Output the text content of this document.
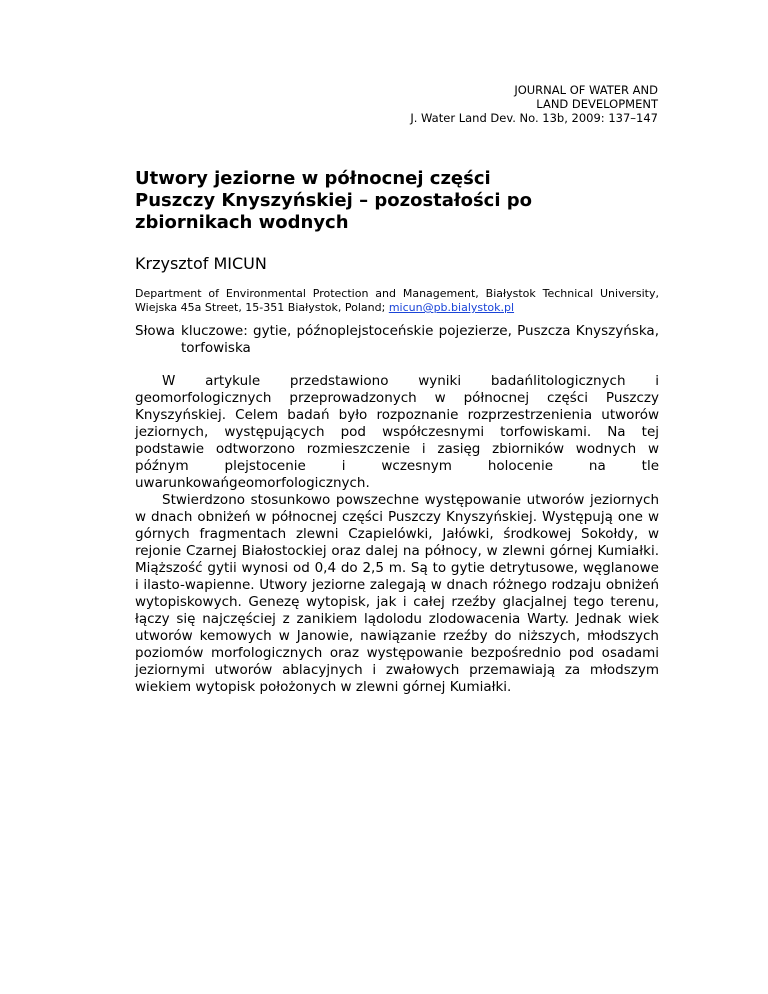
JOURNAL OF WATER AND
LAND DEVELOPMENT
J. Water Land Dev. No. 13b, 2009: 137–147
Utwory jeziorne w północnej części Puszczy Knyszyńskiej – pozostałości po zbiornikach wodnych
Krzysztof MICUN
Department of Environmental Protection and Management, Białystok Technical University, Wiejska 45a Street, 15-351 Białystok, Poland; micun@pb.bialystok.pl
Słowa kluczowe: gytie, późnoplejstoceńskie pojezierze, Puszcza Knyszyńska, torfowiska

W artykule przedstawiono wyniki badańlitologicznych i geomorfologicznych przeprowadzonych w północnej części Puszczy Knyszyńskiej. Celem badań było rozpoznanie rozprzestrzenienia utworów jeziornych, występujących pod współczesnymi torfowiskami. Na tej podstawie odtworzono rozmieszczenie i zasięg zbiorników wodnych w późnym plejstocenie i wczesnym holocenie na tle uwarunkowańgeomorfologicznych.

Stwierdzono stosunkowo powszechne występowanie utworów jeziornych w dnach obniżeń w północnej części Puszczy Knyszyńskiej. Występują one w górnych fragmentach zlewni Czapielówki, Jałówki, środkowej Sokołdy, w rejonie Czarnej Białostockiej oraz dalej na północy, w zlewni górnej Kumiałki. Miąższość gytii wynosi od 0,4 do 2,5 m. Są to gytie detrytusowe, węglanowe i ilasto-wapienne. Utwory jeziorne zalegają w dnach różnego rodzaju obniżeń wytopiskowych. Genezę wytopisk, jak i całej rzeźby glacjalnej tego terenu, łączy się najczęściej z zanikiem lądolodu zlodowacenia Warty. Jednak wiek utworów kemowych w Janowie, nawiązanie rzeźby do niższych, młodszych poziomów morfologicznych oraz występowanie bezpośrednio pod osadami jeziornymi utworów ablacyjnych i zwałowych przemawiają za młodszym wiekiem wytopisk położonych w zlewni górnej Kumiałki.
